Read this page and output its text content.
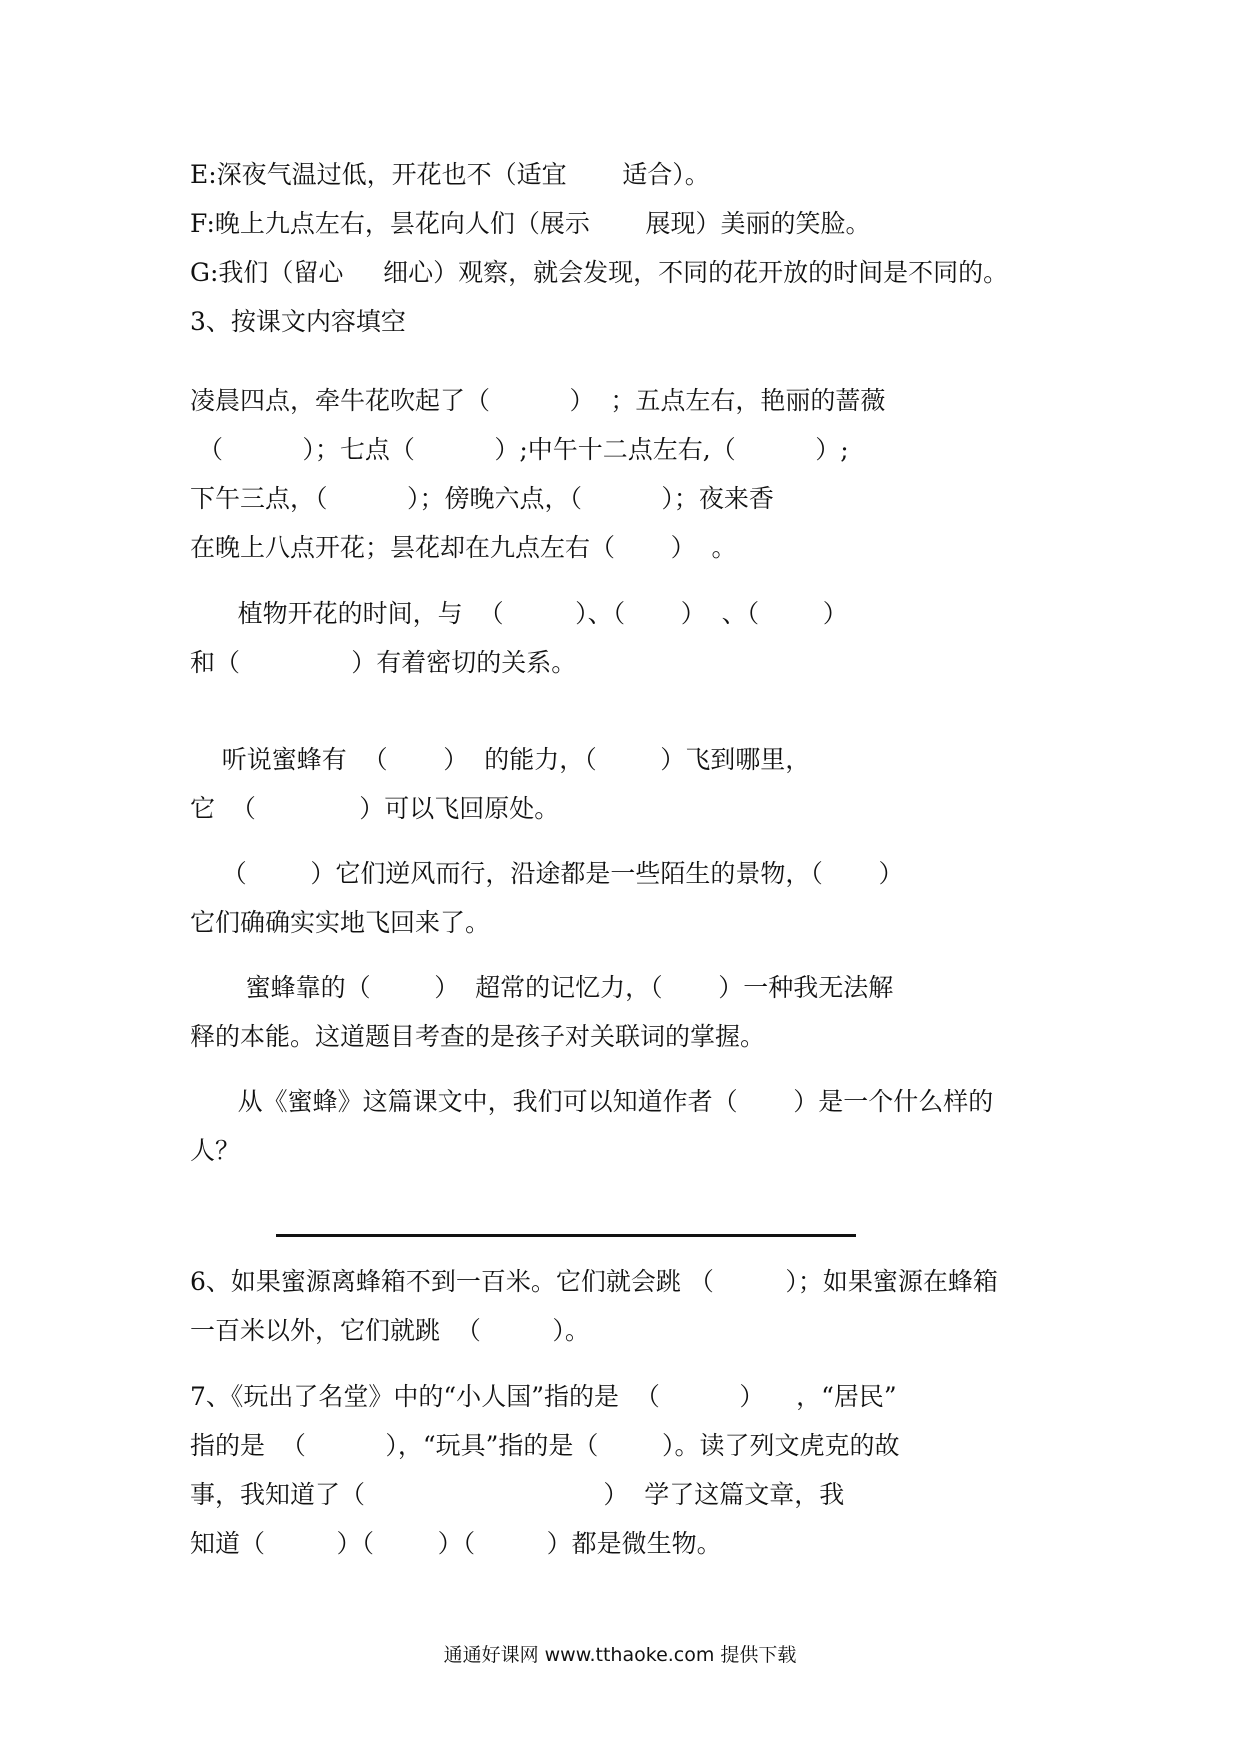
E:深夜气温过低，开花也不（适宜       适合）。
F:晚上九点左右，昙花向人们（展示       展现）美丽的笑脸。
G:我们（留心     细心）观察，就会发现，不同的花开放的时间是不同的。
3、按课文内容填空
凌晨四点，牵牛花吹起了（          ）  ；五点左右，艳丽的蔷薇
（          ）；七点（          ）;中午十二点左右,（          ）;
下午三点，（          ）；傍晚六点，（          ）；夜来香
在晚上八点开花；昙花却在九点左右（       ）  。
植物开花的时间，与  （         ）、（       ）  、（        ）
和（              ）有着密切的关系。
听说蜜蜂有  （       ）  的能力，（        ）飞到哪里，
它  （             ）可以飞回原处。
（        ）它们逆风而行，沿途都是一些陌生的景物，（       ）
它们确确实实地飞回来了。
蜜蜂靠的（        ）  超常的记忆力，（       ）一种我无法解
释的本能。这道题目考查的是孩子对关联词的掌握。
从《蜜蜂》这篇课文中，我们可以知道作者（       ）是一个什么样的
人？
6、如果蜜源离蜂箱不到一百米。它们就会跳 （         ）；如果蜜源在蜂箱
一百米以外，它们就跳  （         ）。
7、《玩出了名堂》中的“小人国”指的是  （          ）    ，“居民”
指的是  （          ），“玩具”指的是（        ）。读了列文虎克的故
事，我知道了（                              ）  学了这篇文章，我
知道（         ）（        ）（         ）都是微生物。
通通好课网 www.tthaoke.com 提供下载
